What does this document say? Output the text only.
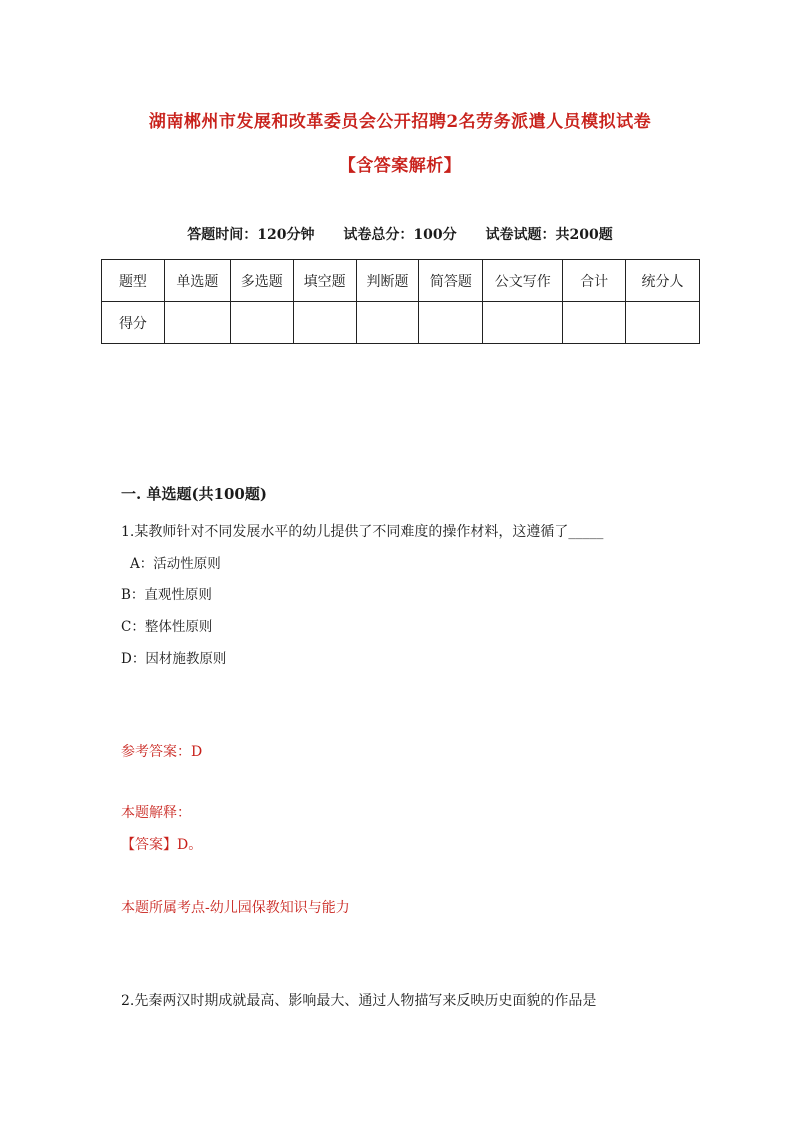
湖南郴州市发展和改革委员会公开招聘2名劳务派遣人员模拟试卷
【含答案解析】
答题时间：120分钟 试卷总分：100分 试卷试题：共200题
题型	单选题	多选题	填空题	判断题	简答题	公文写作	合计	统分人
得分								
一. 单选题(共100题)
1.某教师针对不同发展水平的幼儿提供了不同难度的操作材料，这遵循了_____
A：活动性原则
B：直观性原则
C：整体性原则
D：因材施教原则
参考答案：D
本题解释：
【答案】D。
本题所属考点-幼儿园保教知识与能力
2.先秦两汉时期成就最高、影响最大、通过人物描写来反映历史面貌的作品是
